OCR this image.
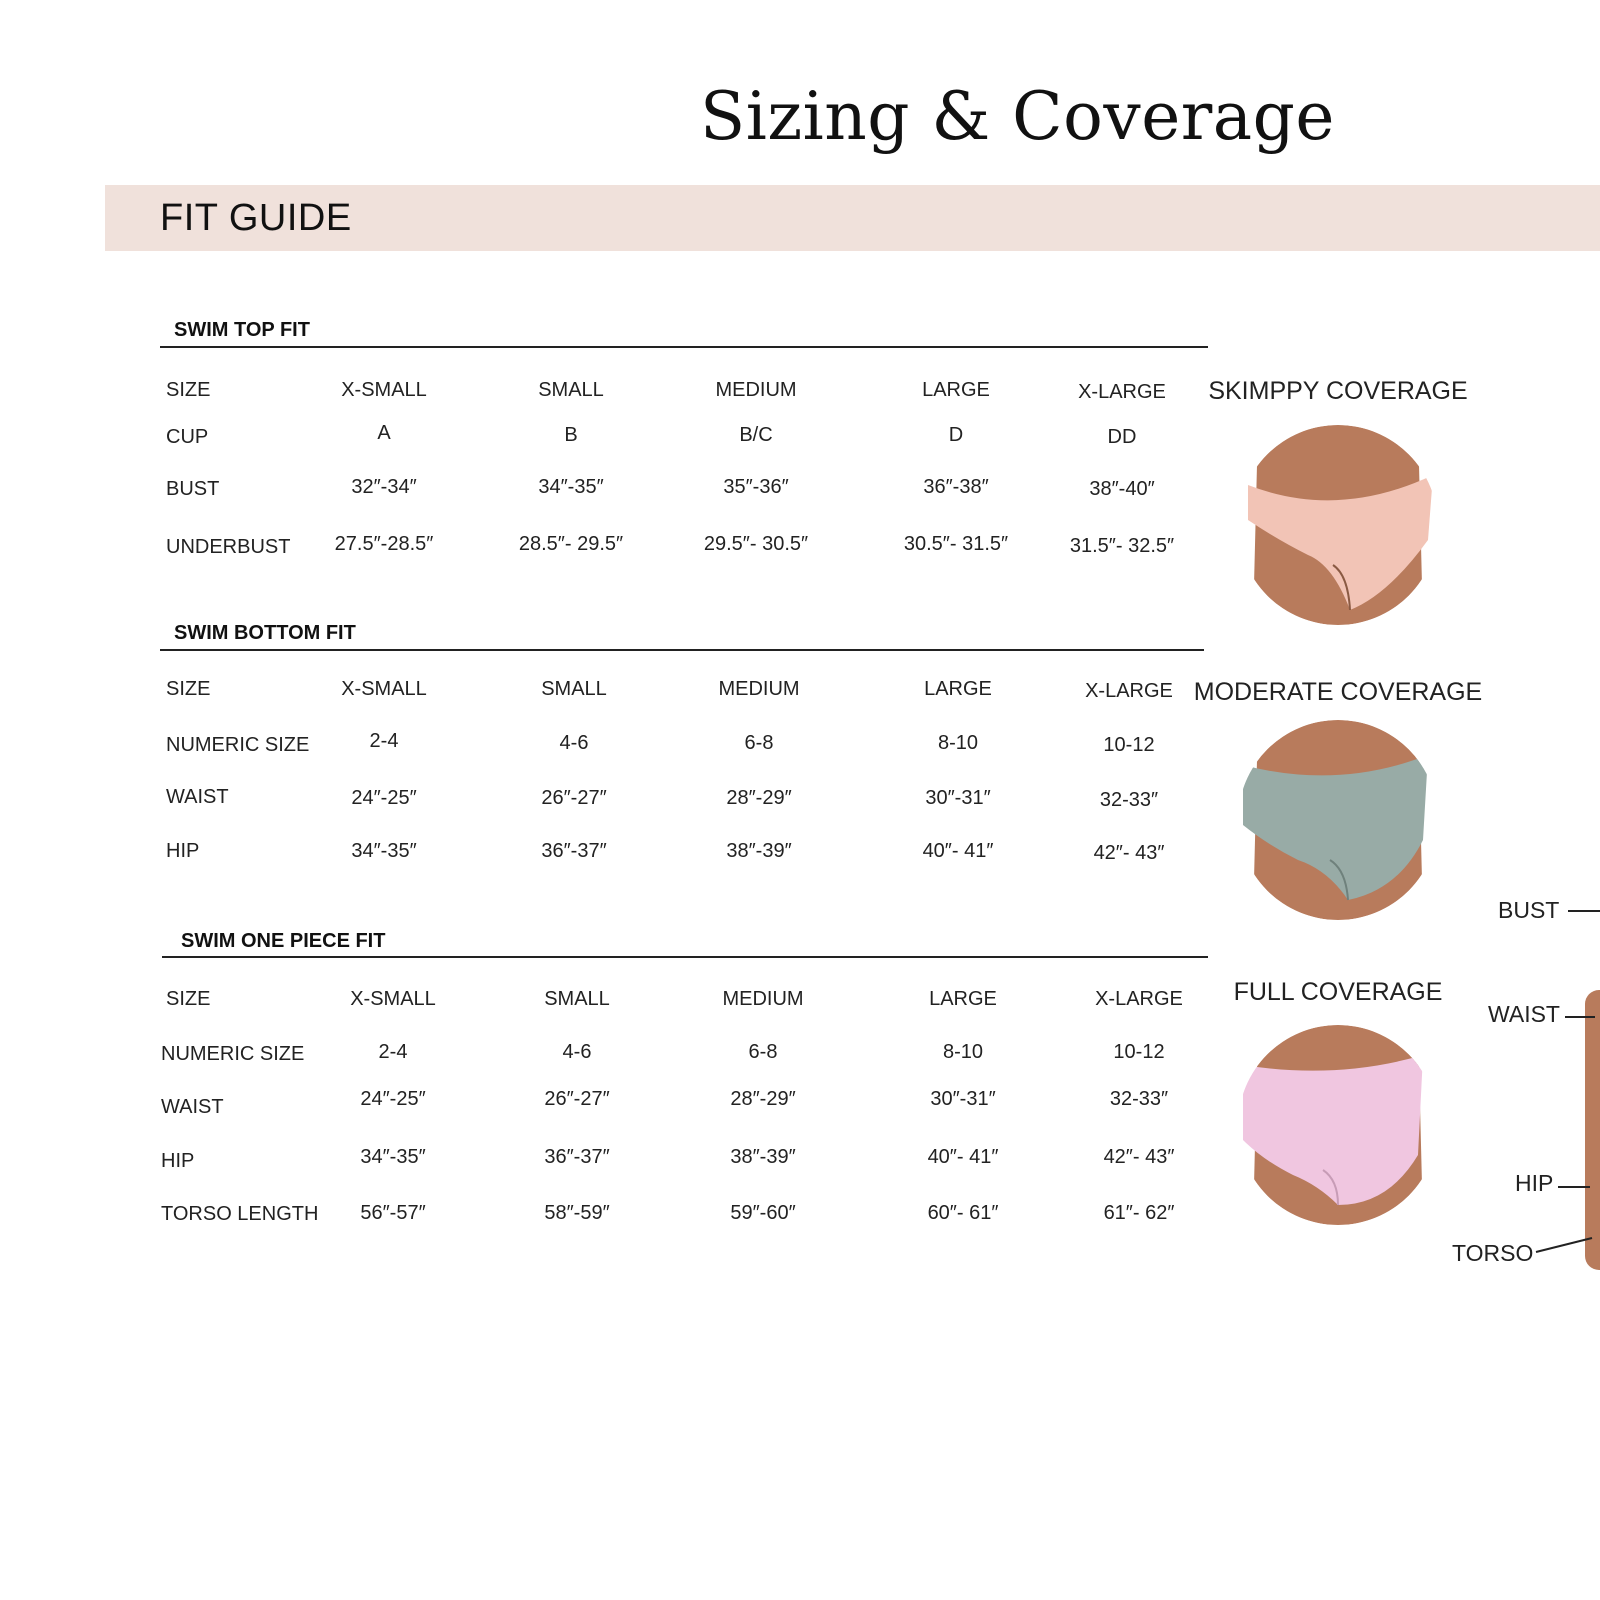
Sizing & Coverage
FIT GUIDE
SWIM TOP FIT
SIZE	X-SMALL	SMALL	MEDIUM	LARGE	X-LARGE
CUP	A	B	B/C	D	DD
BUST	32″-34″	34″-35″	35″-36″	36″-38″	38″-40″
UNDERBUST 27.5″-28.5″	28.5″- 29.5″	29.5″- 30.5″	30.5″- 31.5″	31.5″- 32.5″
SWIM BOTTOM FIT
SIZE	X-SMALL	SMALL	MEDIUM	LARGE	X-LARGE
NUMERIC SIZE	2-4	4-6	6-8	8-10	10-12
WAIST	24″-25″	26″-27″	28″-29″	30″-31″	32-33″
HIP	34″-35″	36″-37″	38″-39″	40″- 41″	42″- 43″
SWIM ONE PIECE FIT
SIZE	X-SMALL	SMALL	MEDIUM	LARGE	X-LARGE
NUMERIC SIZE	2-4	4-6	6-8	8-10	10-12
WAIST	24″-25″	26″-27″	28″-29″	30″-31″	32-33″
HIP	34″-35″	36″-37″	38″-39″	40″- 41″	42″- 43″
TORSO LENGTH 56″-57″	58″-59″	59″-60″	60″- 61″	61″- 62″
SKIMPPY COVERAGE
MODERATE COVERAGE
FULL COVERAGE
BUST
WAIST
HIP
TORSO
